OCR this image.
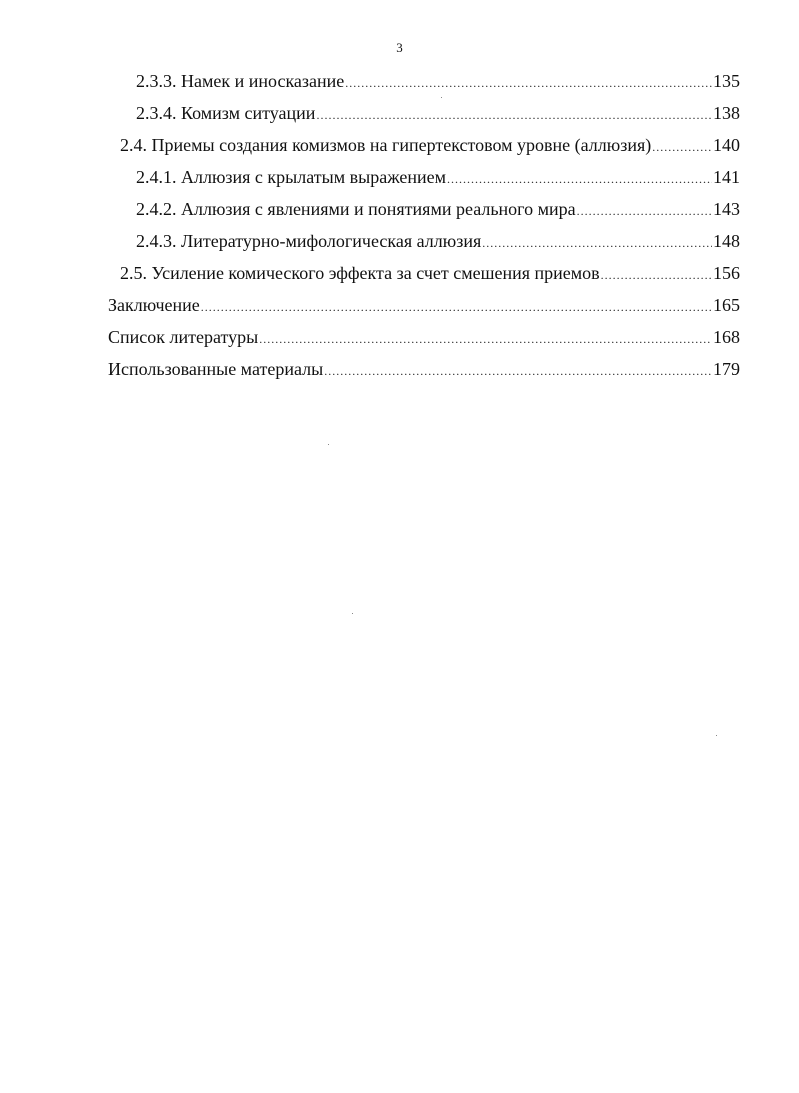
3
2.3.3. Намек и иносказание .....	135
2.3.4. Комизм ситуации .....	138
2.4. Приемы создания комизмов на гипертекстовом уровне (аллюзия) .....	140
2.4.1. Аллюзия с крылатым выражением .....	141
2.4.2. Аллюзия с явлениями и понятиями реального мира .....	143
2.4.3. Литературно-мифологическая аллюзия .....	148
2.5. Усиление комического эффекта за счет смешения приемов .....	156
Заключение .....	165
Список литературы .....	168
Использованные материалы .....	179
